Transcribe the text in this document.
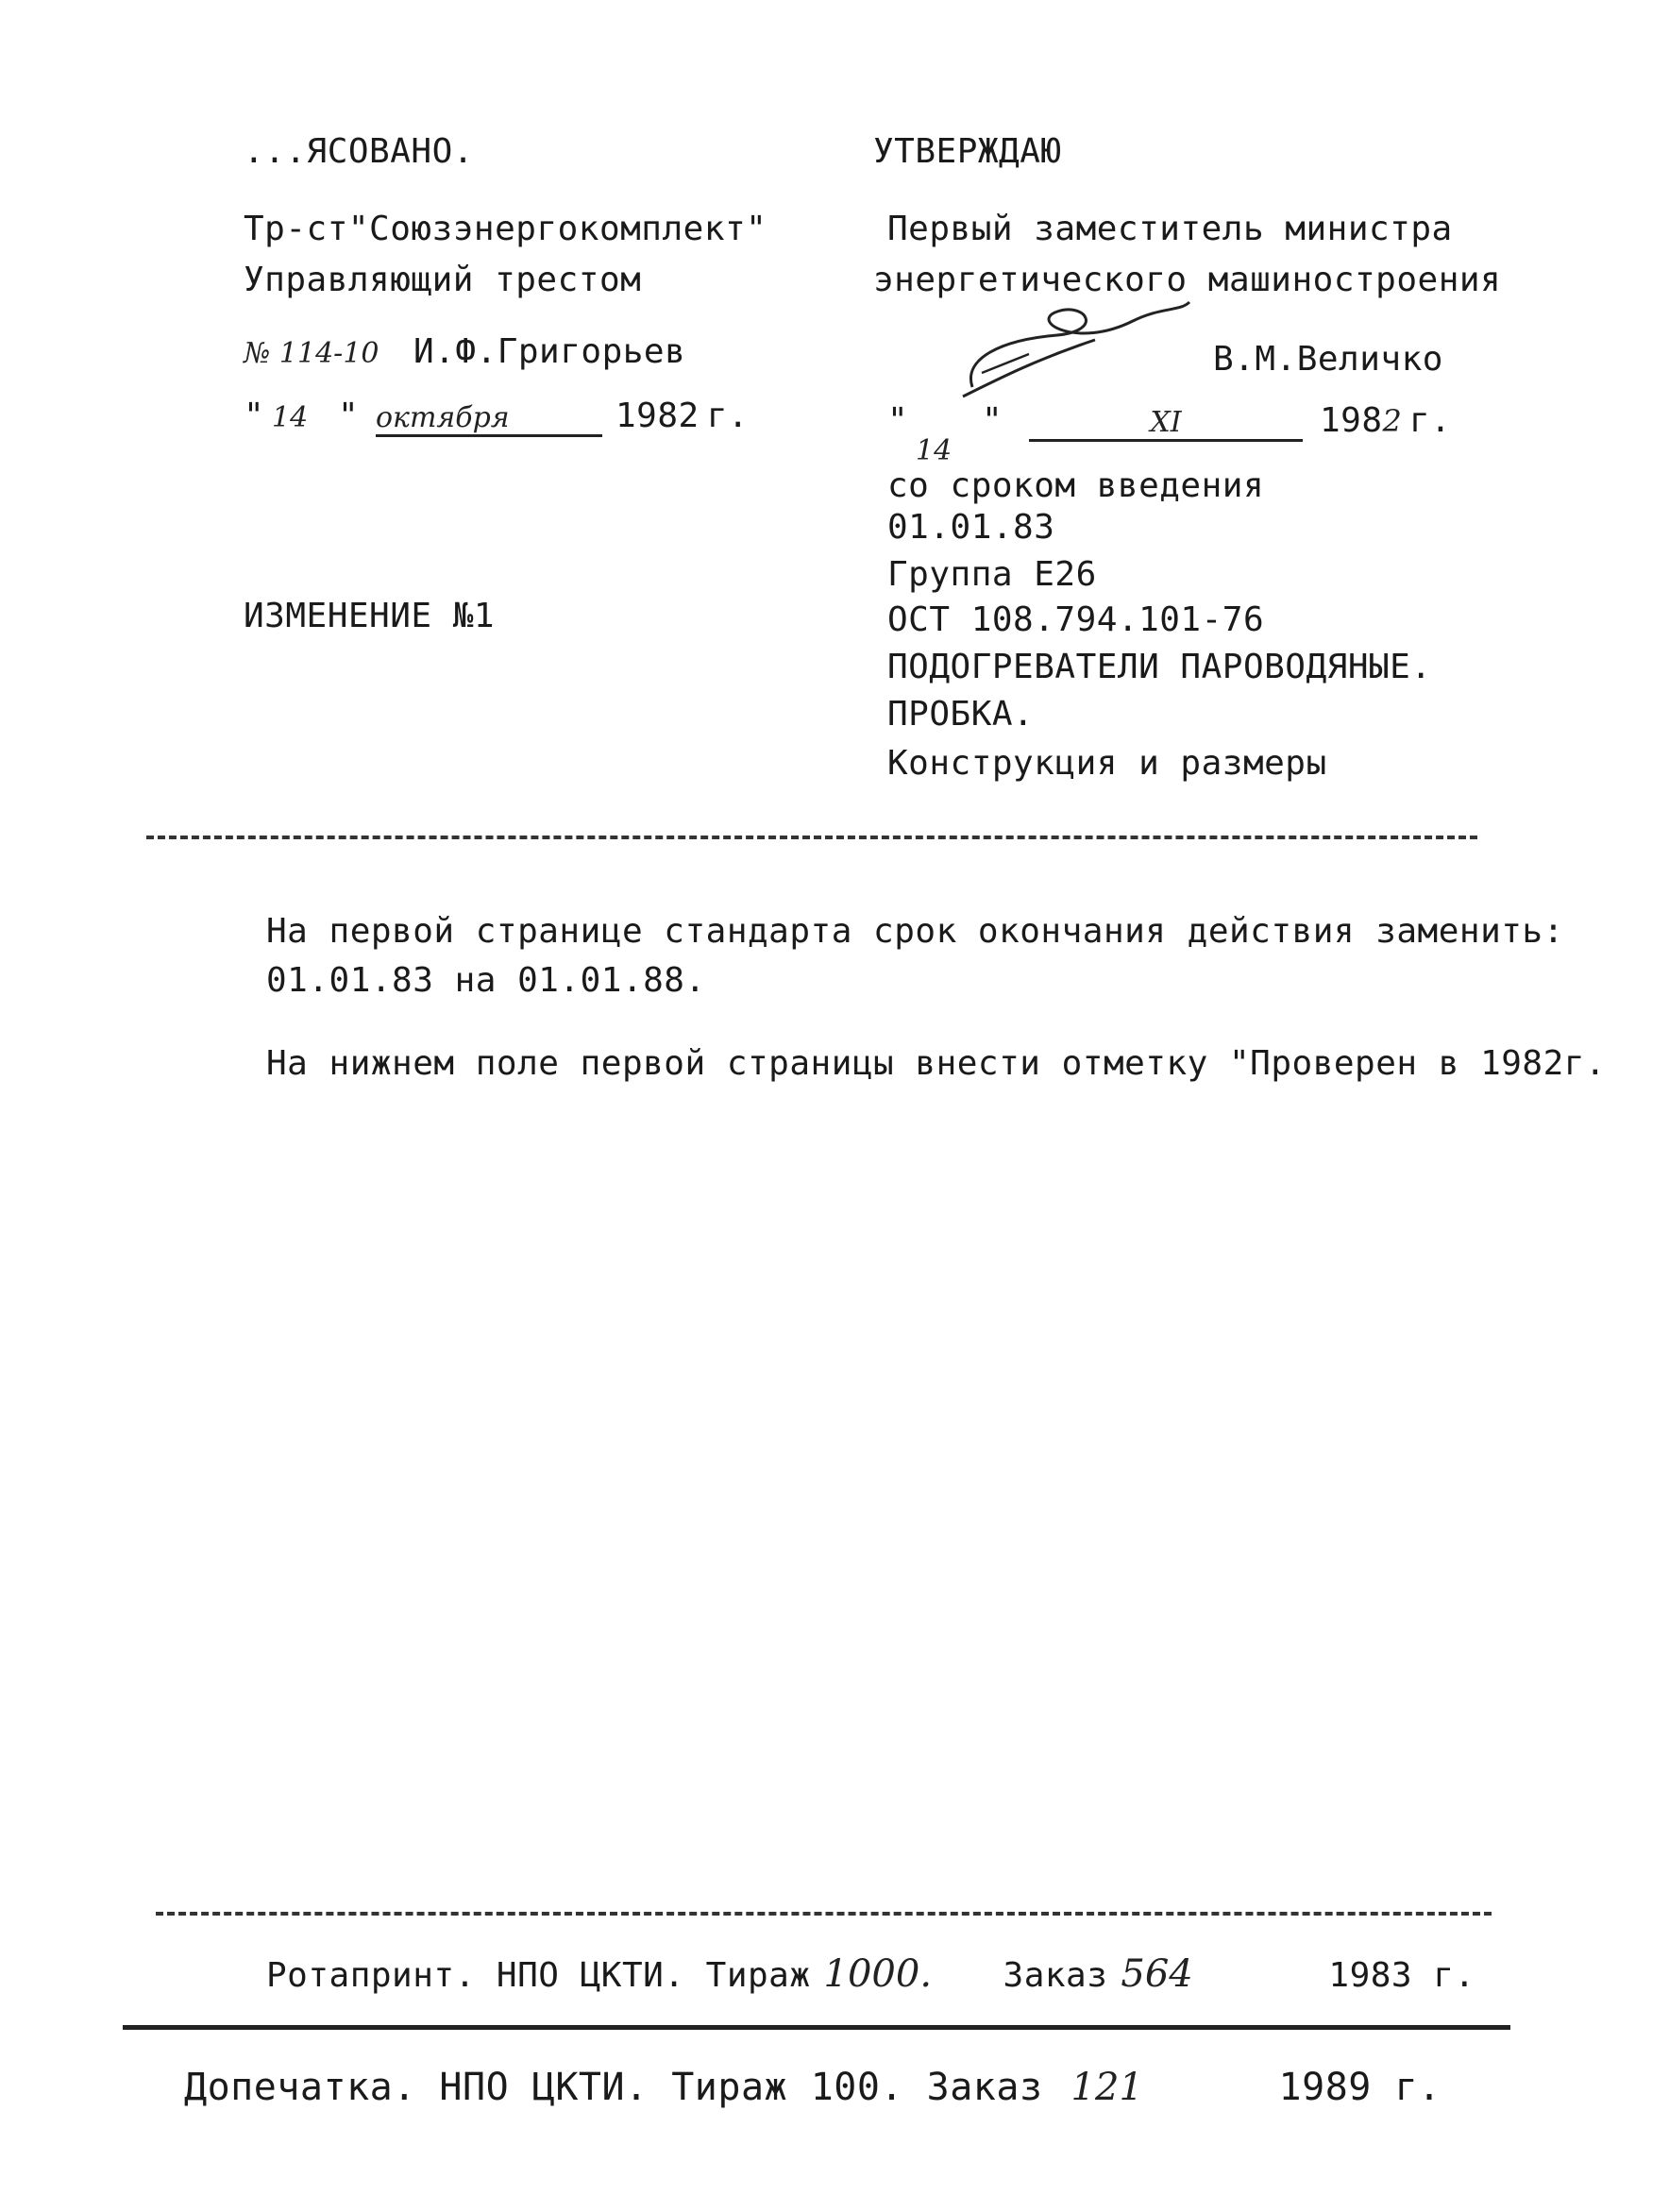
...ЯСОВАНО.
Тр-ст"Союзэнергокомплект"
Управляющий трестом
№ 114-10	И.Ф.Григорьев
" 14 " октября	1982 г.
ИЗМЕНЕНИЕ №1
УТВЕРЖДАЮ
Первый заместитель министра
энергетического машиностроения
В.М.Величко
"
14
"	XI	198 2 г.
со сроком введения
01.01.83
Группа Е26
ОСТ 108.794.101-76
ПОДОГРЕВАТЕЛИ ПАРОВОДЯНЫЕ.
ПРОБКА.
Конструкция и размеры
На первой странице стандарта срок окончания действия заменить:
01.01.83 на 01.01.88.
На нижнем поле первой страницы внести отметку "Проверен в 1982г.
Ротапринт. НПО ЦКТИ. Тираж 1000.	Заказ 564	1983 г.
Допечатка. НПО ЦКТИ. Тираж 100. Заказ 121	1989 г.
